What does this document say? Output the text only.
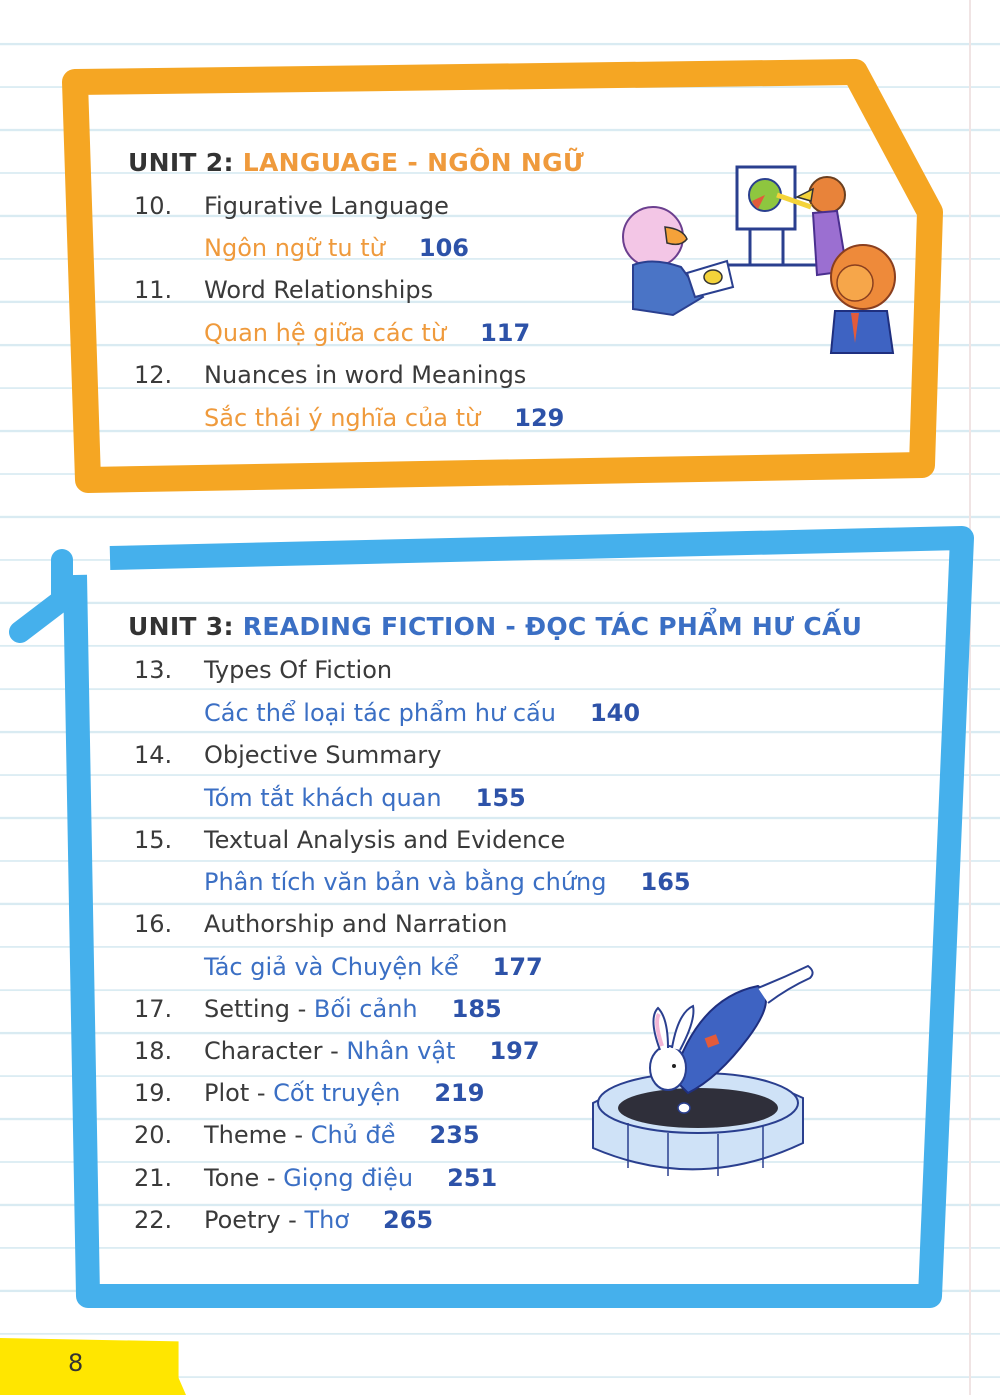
UNIT 2: LANGUAGE - NGÔN NGỮ
10. Figurative Language
Ngôn ngữ tu từ 106
11. Word Relationships
Quan hệ giữa các từ 117
12. Nuances in word Meanings
Sắc thái ý nghĩa của từ 129
UNIT 3: READING FICTION - ĐỌC TÁC PHẨM HƯ CẤU
13. Types Of Fiction
Các thể loại tác phẩm hư cấu 140
14. Objective Summary
Tóm tắt khách quan 155
15. Textual Analysis and Evidence
Phân tích văn bản và bằng chứng 165
16. Authorship and Narration
Tác giả và Chuyện kể 177
17. Setting - Bối cảnh 185
18. Character - Nhân vật 197
19. Plot - Cốt truyện 219
20. Theme - Chủ đề 235
21. Tone - Giọng điệu 251
22. Poetry - Thơ 265
8
